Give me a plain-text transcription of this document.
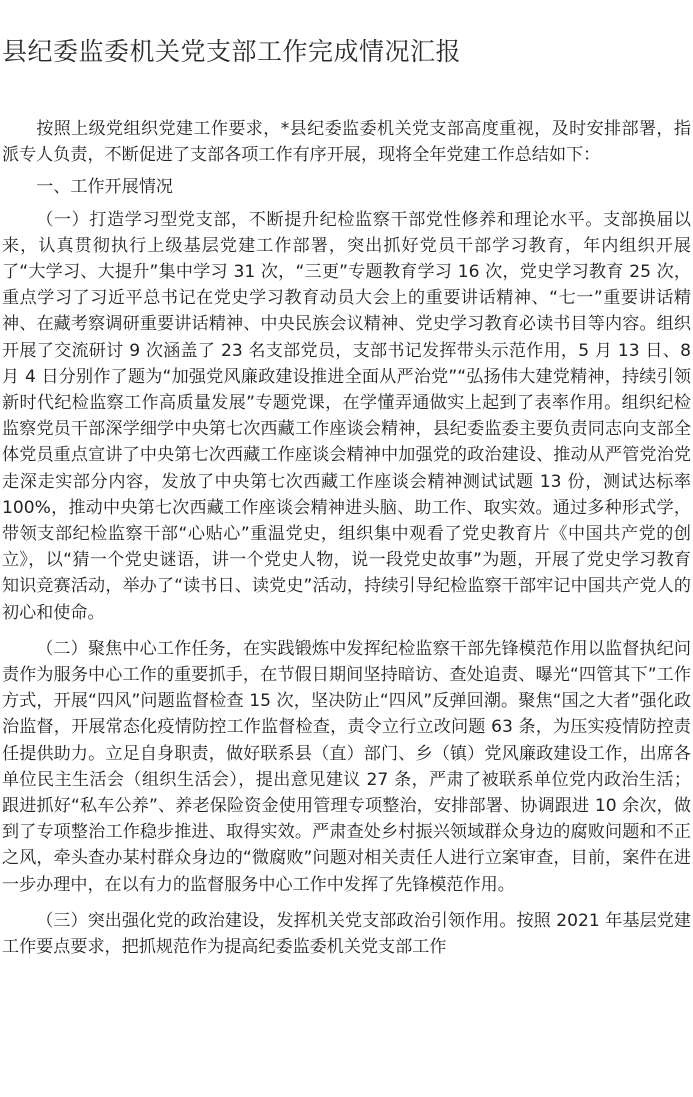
县纪委监委机关党支部工作完成情况汇报

按照上级党组织党建工作要求，*县纪委监委机关党支部高度重视，及时安排部署，指派专人负责，不断促进了支部各项工作有序开展，现将全年党建工作总结如下：

一、工作开展情况

（一）打造学习型党支部，不断提升纪检监察干部党性修养和理论水平。支部换届以来，认真贯彻执行上级基层党建工作部署，突出抓好党员干部学习教育，年内组织开展了“大学习、大提升”集中学习 31 次，“三更”专题教育学习 16 次，党史学习教育 25 次，重点学习了习近平总书记在党史学习教育动员大会上的重要讲话精神、“七一”重要讲话精神、在藏考察调研重要讲话精神、中央民族会议精神、党史学习教育必读书目等内容。组织开展了交流研讨 9 次涵盖了 23 名支部党员，支部书记发挥带头示范作用，5 月 13 日、8 月 4 日分别作了题为“加强党风廉政建设推进全面从严治党”“弘扬伟大建党精神，持续引领新时代纪检监察工作高质量发展”专题党课，在学懂弄通做实上起到了表率作用。组织纪检监察党员干部深学细学中央第七次西藏工作座谈会精神，县纪委监委主要负责同志向支部全体党员重点宣讲了中央第七次西藏工作座谈会精神中加强党的政治建设、推动从严管党治党走深走实部分内容，发放了中央第七次西藏工作座谈会精神测试试题 13 份，测试达标率 100%，推动中央第七次西藏工作座谈会精神进头脑、助工作、取实效。通过多种形式学，带领支部纪检监察干部“心贴心”重温党史，组织集中观看了党史教育片《中国共产党的创立》，以“猜一个党史谜语，讲一个党史人物，说一段党史故事”为题，开展了党史学习教育知识竞赛活动，举办了“读书日、读党史”活动，持续引导纪检监察干部牢记中国共产党人的初心和使命。

（二）聚焦中心工作任务，在实践锻炼中发挥纪检监察干部先锋模范作用以监督执纪问责作为服务中心工作的重要抓手，在节假日期间坚持暗访、查处追责、曝光“四管其下”工作方式，开展“四风”问题监督检查 15 次，坚决防止“四风”反弹回潮。聚焦“国之大者”强化政治监督，开展常态化疫情防控工作监督检查，责令立行立改问题 63 条，为压实疫情防控责任提供助力。立足自身职责，做好联系县（直）部门、乡（镇）党风廉政建设工作，出席各单位民主生活会（组织生活会），提出意见建议 27 条，严肃了被联系单位党内政治生活；跟进抓好“私车公养”、养老保险资金使用管理专项整治，安排部署、协调跟进 10 余次，做到了专项整治工作稳步推进、取得实效。严肃查处乡村振兴领域群众身边的腐败问题和不正之风，牵头查办某村群众身边的“微腐败”问题对相关责任人进行立案审查，目前，案件在进一步办理中，在以有力的监督服务中心工作中发挥了先锋模范作用。

（三）突出强化党的政治建设，发挥机关党支部政治引领作用。按照 2021 年基层党建工作要点要求，把抓规范作为提高纪委监委机关党支部工作
